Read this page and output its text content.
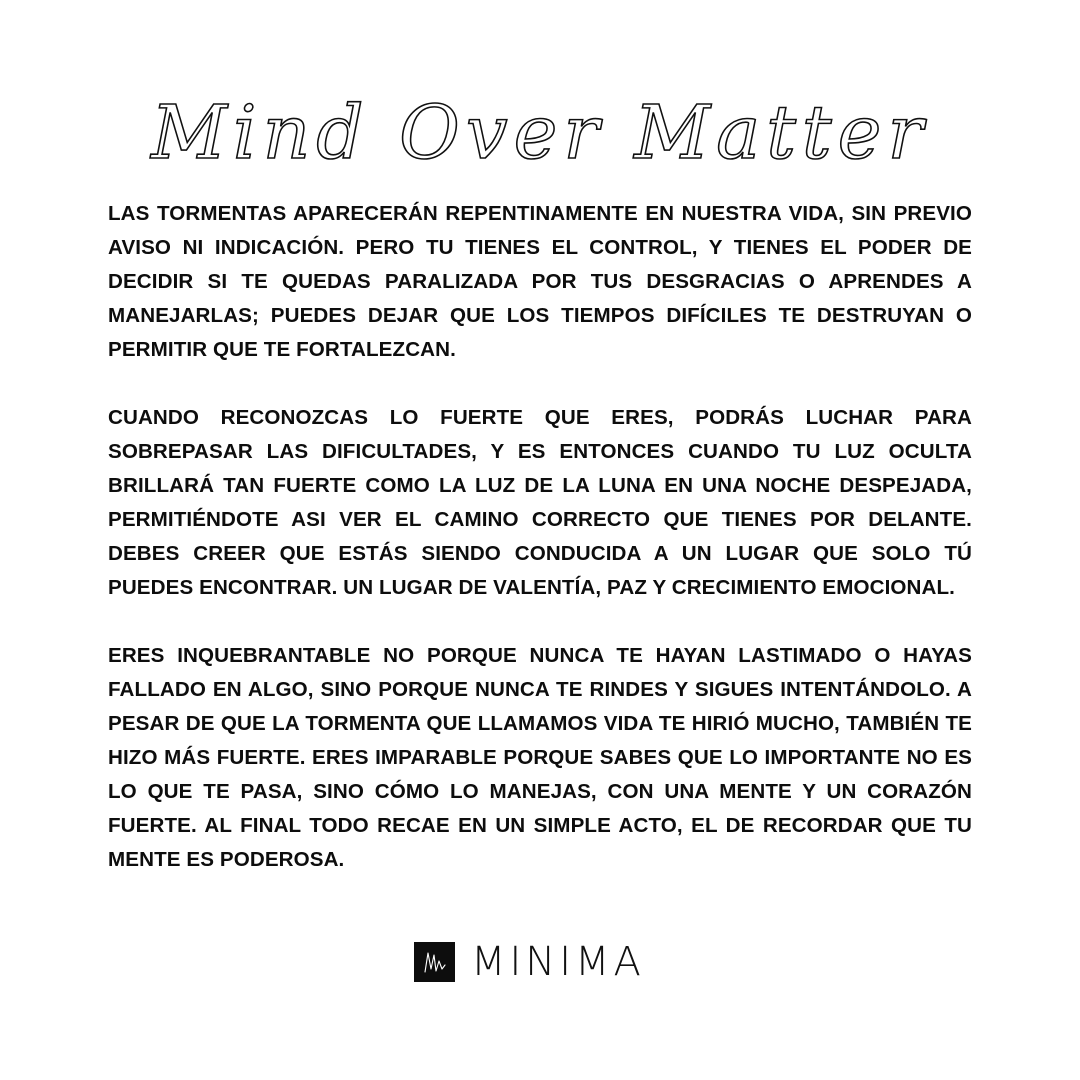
Mind Over Matter

LAS TORMENTAS APARECERÁN REPENTINAMENTE EN NUESTRA VIDA, SIN PREVIO AVISO NI INDICACIÓN. PERO TU TIENES EL CONTROL, Y TIENES EL PODER DE DECIDIR SI TE QUEDAS PARALIZADA POR TUS DESGRACIAS O APRENDES A MANEJARLAS; PUEDES DEJAR QUE LOS TIEMPOS DIFÍCILES TE DESTRUYAN O PERMITIR QUE TE FORTALEZCAN.

CUANDO RECONOZCAS LO FUERTE QUE ERES, PODRÁS LUCHAR PARA SOBREPASAR LAS DIFICULTADES, Y ES ENTONCES CUANDO TU LUZ OCULTA BRILLARÁ TAN FUERTE COMO LA LUZ DE LA LUNA EN UNA NOCHE DESPEJADA, PERMITIÉNDOTE ASI VER EL CAMINO CORRECTO QUE TIENES POR DELANTE. DEBES CREER QUE ESTÁS SIENDO CONDUCIDA A UN LUGAR QUE SOLO TÚ PUEDES ENCONTRAR. UN LUGAR DE VALENTÍA, PAZ Y CRECIMIENTO EMOCIONAL.

ERES INQUEBRANTABLE NO PORQUE NUNCA TE HAYAN LASTIMADO O HAYAS FALLADO EN ALGO, SINO PORQUE NUNCA TE RINDES Y SIGUES INTENTÁNDOLO. A PESAR DE QUE LA TORMENTA QUE LLAMAMOS VIDA TE HIRIÓ MUCHO, TAMBIÉN TE HIZO MÁS FUERTE. ERES IMPARABLE PORQUE SABES QUE LO IMPORTANTE NO ES LO QUE TE PASA, SINO CÓMO LO MANEJAS, CON UNA MENTE Y UN CORAZÓN FUERTE. AL FINAL TODO RECAE EN UN SIMPLE ACTO, EL DE RECORDAR QUE TU MENTE ES PODEROSA.

MINIMA
